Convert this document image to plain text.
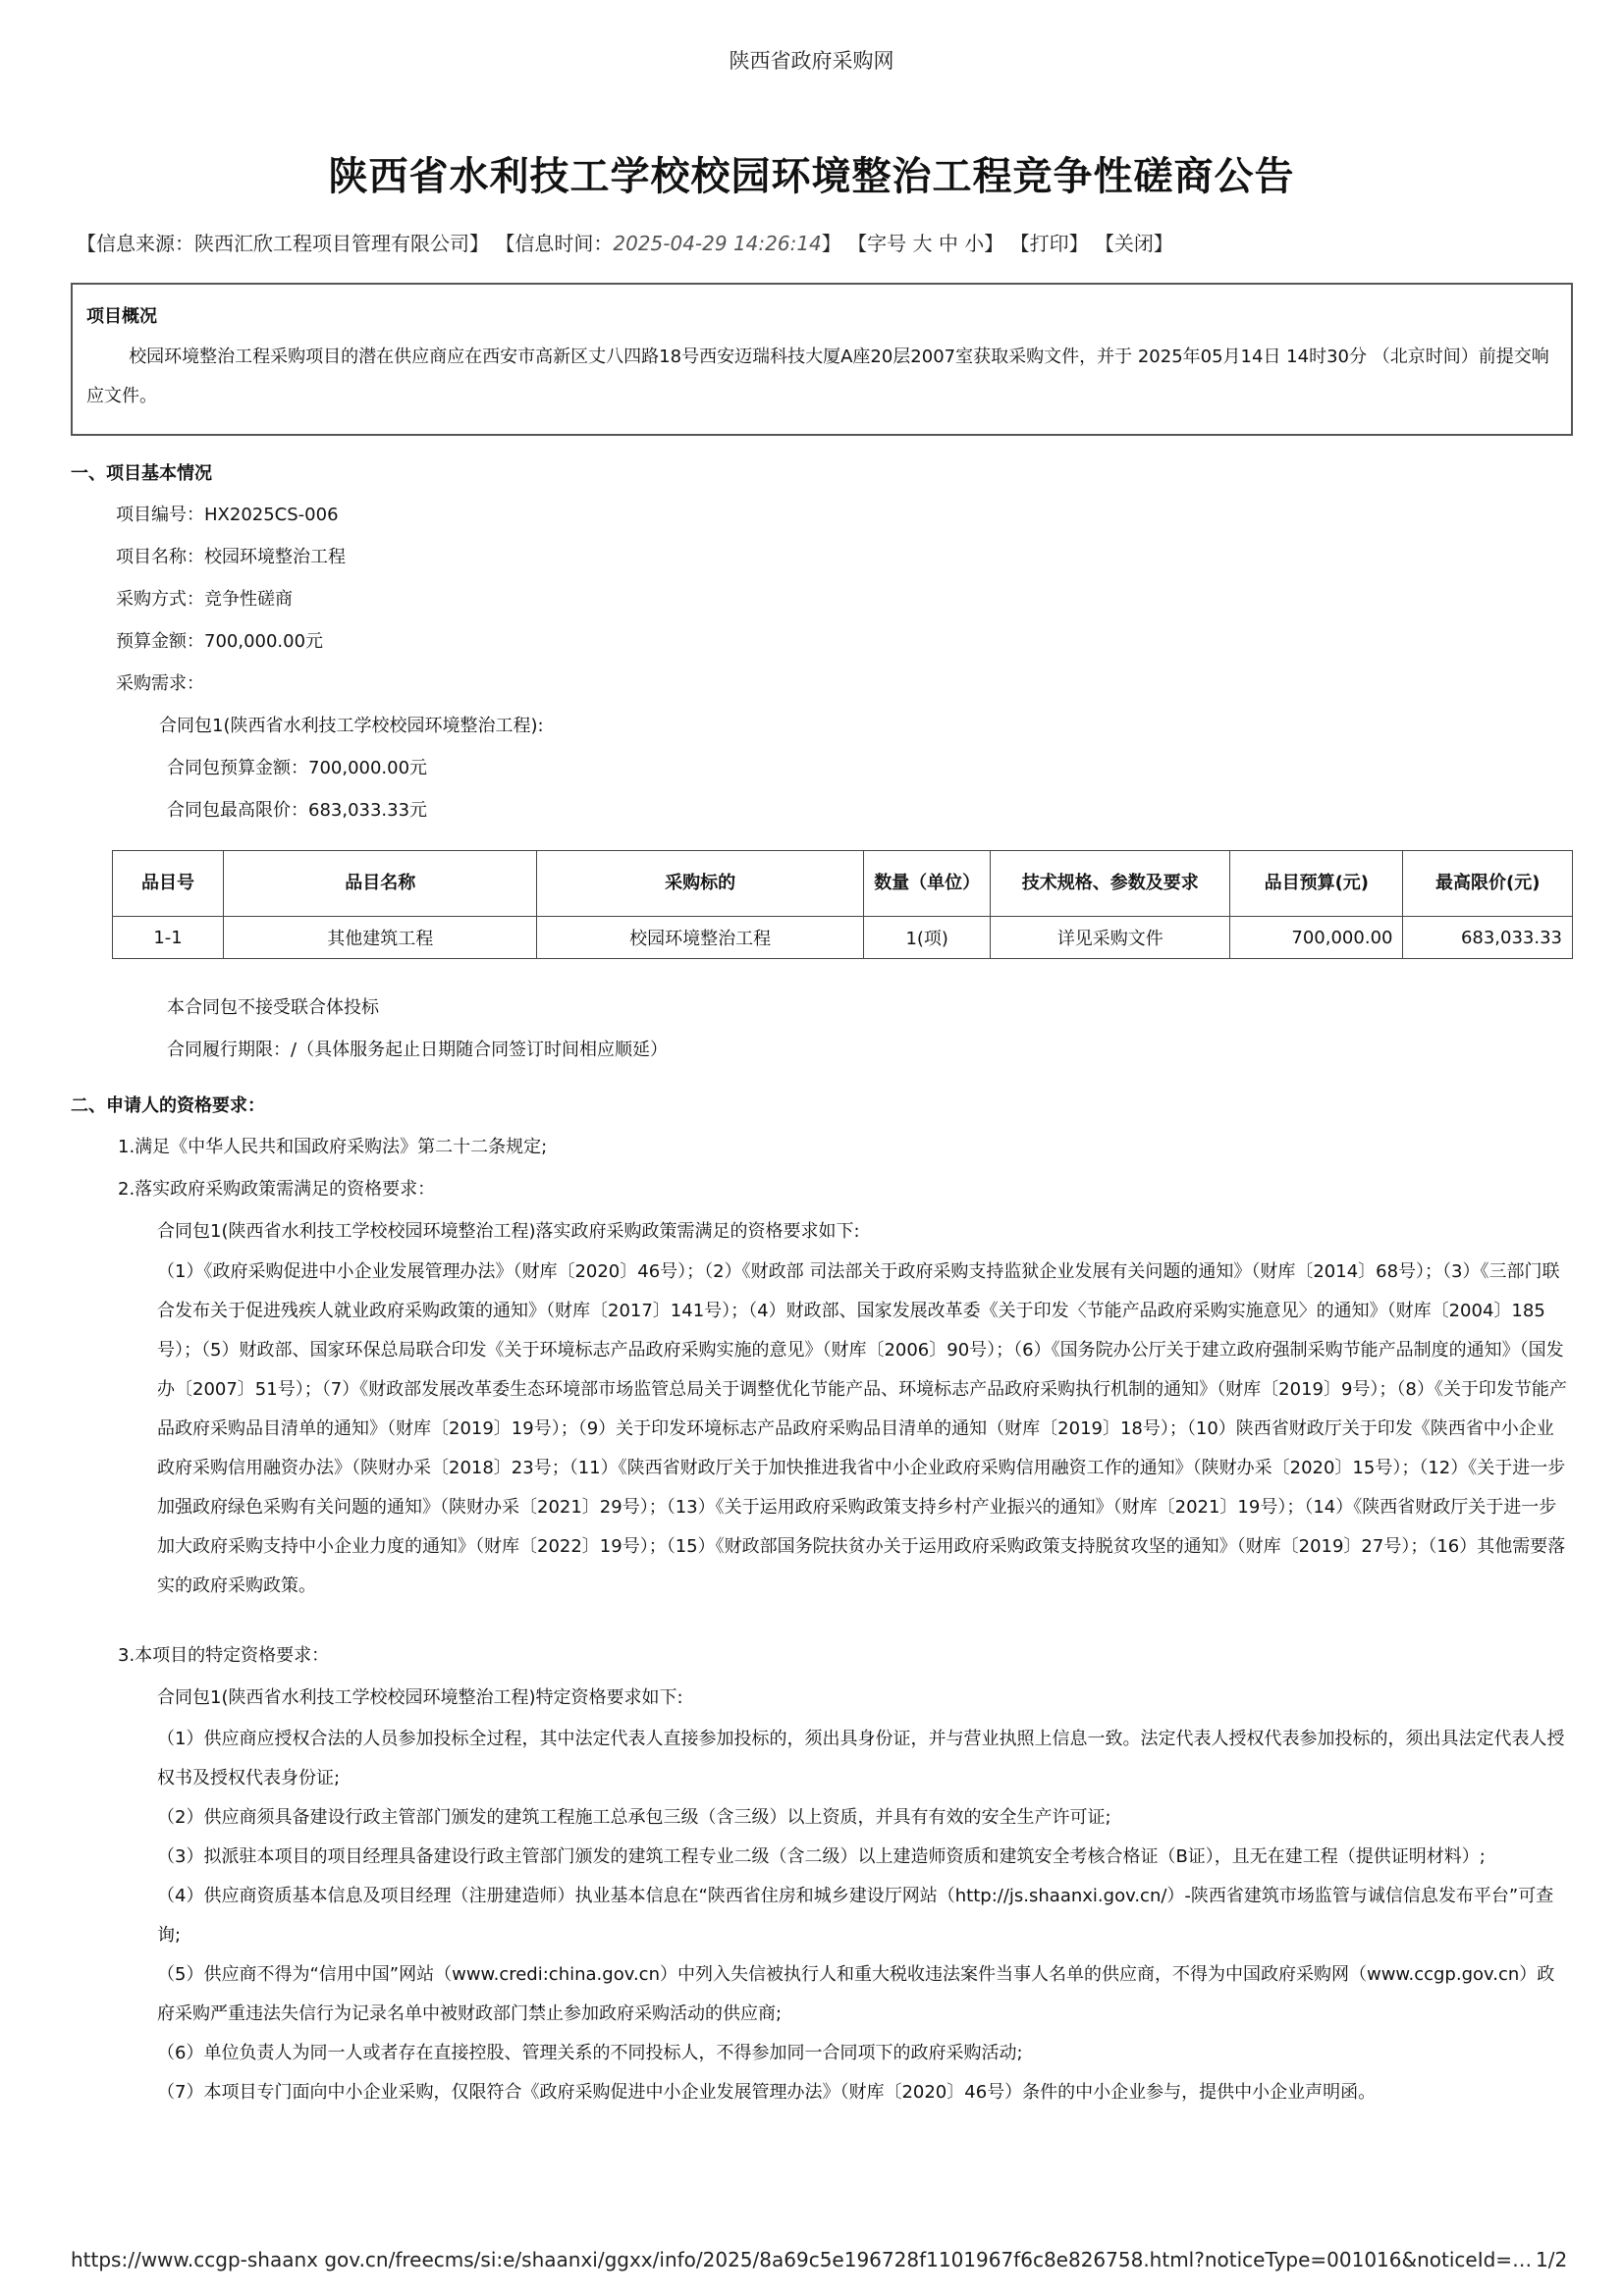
陕西省政府采购网
陕西省水利技工学校校园环境整治工程竞争性磋商公告
【信息来源：陕西汇欣工程项目管理有限公司】 【信息时间：2025-04-29 14:26:14】 【字号 大 中 小】 【打印】 【关闭】
项目概况

校园环境整治工程采购项目的潜在供应商应在西安市高新区丈八四路18号西安迈瑞科技大厦A座20层2007室获取采购文件，并于 2025年05月14日 14时30分 （北京时间）前提交响应文件。

一、项目基本情况
项目编号：HX2025CS-006
项目名称：校园环境整治工程
采购方式：竞争性磋商
预算金额：700,000.00元
采购需求：
合同包1(陕西省水利技工学校校园环境整治工程):
合同包预算金额：700,000.00元
合同包最高限价：683,033.33元
品目号	品目名称	采购标的	数量（单位）	技术规格、参数及要求	品目预算(元)	最高限价(元)
1-1	其他建筑工程	校园环境整治工程	1(项)	详见采购文件	700,000.00	683,033.33
本合同包不接受联合体投标
合同履行期限：/（具体服务起止日期随合同签订时间相应顺延）
二、申请人的资格要求：
1.满足《中华人民共和国政府采购法》第二十二条规定;
2.落实政府采购政策需满足的资格要求：
合同包1(陕西省水利技工学校校园环境整治工程)落实政府采购政策需满足的资格要求如下:

（1）《政府采购促进中小企业发展管理办法》（财库〔2020〕46号）；（2）《财政部 司法部关于政府采购支持监狱企业发展有关问题的通知》（财库〔2014〕68号）；（3）《三部门联合发布关于促进残疾人就业政府采购政策的通知》（财库〔2017〕141号）；（4）财政部、国家发展改革委《关于印发〈节能产品政府采购实施意见〉的通知》（财库〔2004〕185号）；（5）财政部、国家环保总局联合印发《关于环境标志产品政府采购实施的意见》（财库〔2006〕90号）；（6）《国务院办公厅关于建立政府强制采购节能产品制度的通知》（国发办〔2007〕51号）；（7）《财政部发展改革委生态环境部市场监管总局关于调整优化节能产品、环境标志产品政府采购执行机制的通知》（财库〔2019〕9号）；（8）《关于印发节能产品政府采购品目清单的通知》（财库〔2019〕19号）；（9）关于印发环境标志产品政府采购品目清单的通知（财库〔2019〕18号）；（10）陕西省财政厅关于印发《陕西省中小企业政府采购信用融资办法》（陕财办采〔2018〕23号；（11）《陕西省财政厅关于加快推进我省中小企业政府采购信用融资工作的通知》（陕财办采〔2020〕15号）；（12）《关于进一步加强政府绿色采购有关问题的通知》（陕财办采〔2021〕29号）；（13）《关于运用政府采购政策支持乡村产业振兴的通知》（财库〔2021〕19号）；（14）《陕西省财政厅关于进一步加大政府采购支持中小企业力度的通知》（财库〔2022〕19号）；（15）《财政部国务院扶贫办关于运用政府采购政策支持脱贫攻坚的通知》（财库〔2019〕27号）；（16）其他需要落实的政府采购政策。

3.本项目的特定资格要求：
合同包1(陕西省水利技工学校校园环境整治工程)特定资格要求如下:

（1）供应商应授权合法的人员参加投标全过程，其中法定代表人直接参加投标的，须出具身份证，并与营业执照上信息一致。法定代表人授权代表参加投标的，须出具法定代表人授权书及授权代表身份证;

（2）供应商须具备建设行政主管部门颁发的建筑工程施工总承包三级（含三级）以上资质，并具有有效的安全生产许可证;

（3）拟派驻本项目的项目经理具备建设行政主管部门颁发的建筑工程专业二级（含二级）以上建造师资质和建筑安全考核合格证（B证），且无在建工程（提供证明材料）;

（4）供应商资质基本信息及项目经理（注册建造师）执业基本信息在“陕西省住房和城乡建设厅网站（http://js.shaanxi.gov.cn/）-陕西省建筑市场监管与诚信信息发布平台”可查询;

（5）供应商不得为“信用中国”网站（www.credi:china.gov.cn）中列入失信被执行人和重大税收违法案件当事人名单的供应商，不得为中国政府采购网（www.ccgp.gov.cn）政府采购严重违法失信行为记录名单中被财政部门禁止参加政府采购活动的供应商;

（6）单位负责人为同一人或者存在直接控股、管理关系的不同投标人，不得参加同一合同项下的政府采购活动;

（7）本项目专门面向中小企业采购，仅限符合《政府采购促进中小企业发展管理办法》（财库〔2020〕46号）条件的中小企业参与，提供中小企业声明函。

https://www.ccgp-shaanx gov.cn/freecms/si:e/shaanxi/ggxx/info/2025/8a69c5e196728f1101967f6c8e826758.html?noticeType=001016&noticeId=… 1/2
